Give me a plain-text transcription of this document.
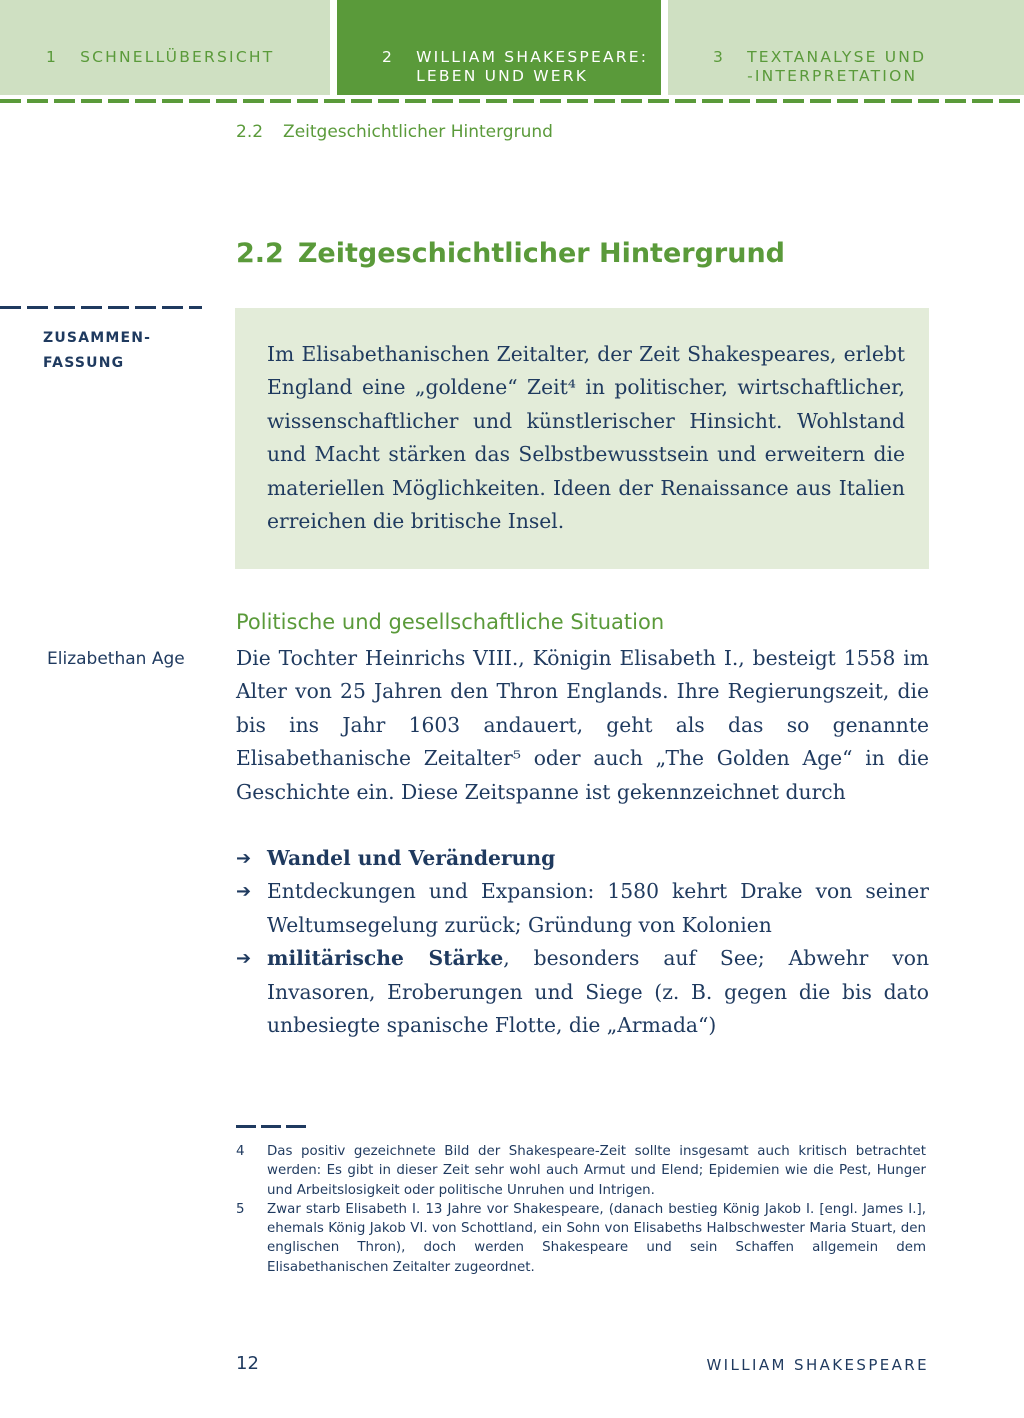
1 SCHNELLÜBERSICHT	2 WILLIAM SHAKESPEARE:
LEBEN UND WERK
3 TEXTANALYSE UND
-INTERPRETATION
2.2 Zeitgeschichtlicher Hintergrund
2.2 Zeitgeschichtlicher Hintergrund
ZUSAMMEN-
FASSUNG	Im Elisabethanischen Zeitalter, der Zeit Shakespeares, erlebt England eine „goldene“ Zeit⁴ in politischer, wirtschaftlicher, wissenschaftlicher und künstlerischer Hinsicht. Wohlstand und Macht stärken das Selbstbewusstsein und erweitern die materiellen Möglichkeiten. Ideen der Renaissance aus Italien erreichen die britische Insel.
Politische und gesellschaftliche Situation
Elizabethan Age	Die Tochter Heinrichs VIII., Königin Elisabeth I., besteigt 1558 im Alter von 25 Jahren den Thron Englands. Ihre Regierungszeit, die bis ins Jahr 1603 andauert, geht als das so genannte Elisabethanische Zeitalter⁵ oder auch „The Golden Age“ in die Geschichte ein. Diese Zeitspanne ist gekennzeichnet durch

➔ Wandel und Veränderung
➔ Entdeckungen und Expansion: 1580 kehrt Drake von seiner Weltumsegelung zurück; Gründung von Kolonien
➔ militärische Stärke, besonders auf See; Abwehr von Invasoren, Eroberungen und Siege (z. B. gegen die bis dato unbesiegte spanische Flotte, die „Armada“)
4 Das positiv gezeichnete Bild der Shakespeare-Zeit sollte insgesamt auch kritisch betrachtet werden: Es gibt in dieser Zeit sehr wohl auch Armut und Elend; Epidemien wie die Pest, Hunger und Arbeitslosigkeit oder politische Unruhen und Intrigen.
5 Zwar starb Elisabeth I. 13 Jahre vor Shakespeare, (danach bestieg König Jakob I. [engl. James I.], ehemals König Jakob VI. von Schottland, ein Sohn von Elisabeths Halbschwester Maria Stuart, den englischen Thron), doch werden Shakespeare und sein Schaffen allgemein dem Elisabethanischen Zeitalter zugeordnet.
12	WILLIAM SHAKESPEARE
